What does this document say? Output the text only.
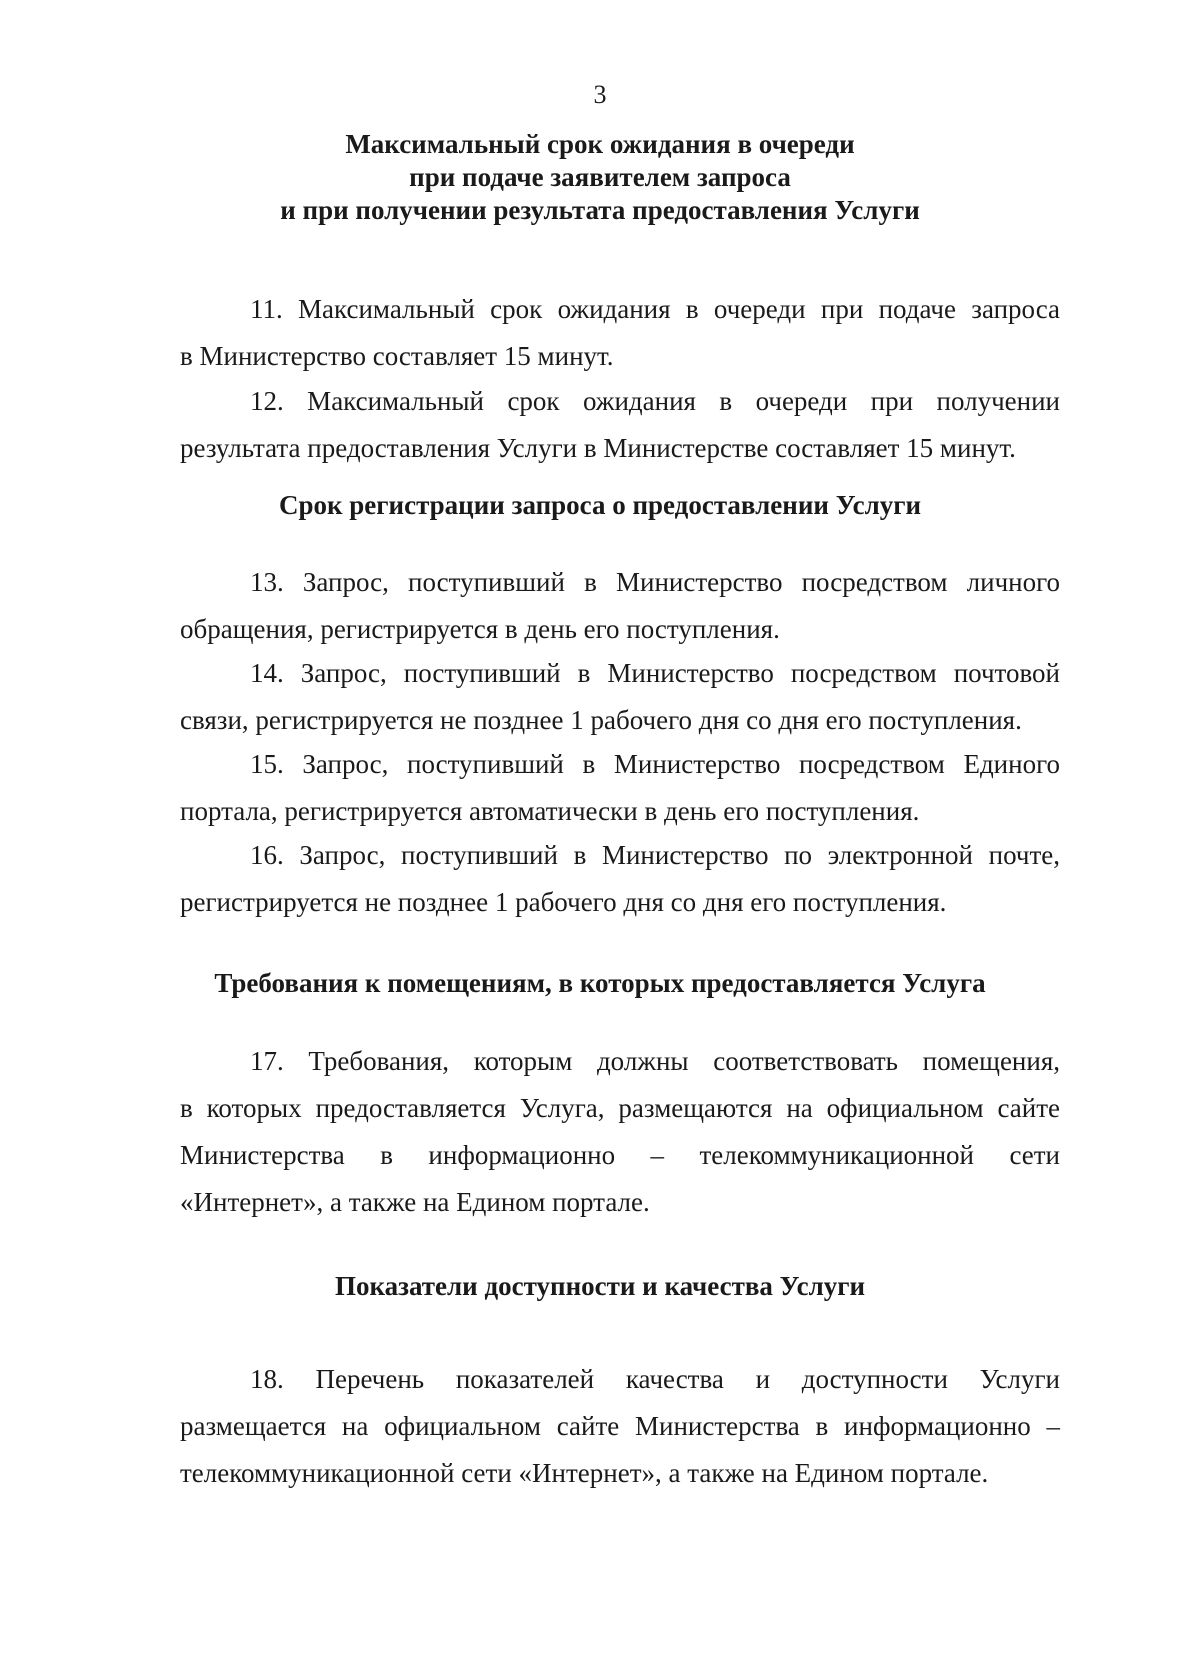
3
Максимальный срок ожидания в очереди
при подаче заявителем запроса
и при получении результата предоставления Услуги
11. Максимальный срок ожидания в очереди при подаче запроса
в Министерство составляет 15 минут.
12. Максимальный срок ожидания в очереди при получении
результата предоставления Услуги в Министерстве составляет 15 минут.
Срок регистрации запроса о предоставлении Услуги
13. Запрос, поступивший в Министерство посредством личного
обращения, регистрируется в день его поступления.
14. Запрос, поступивший в Министерство посредством почтовой
связи, регистрируется не позднее 1 рабочего дня со дня его поступления.
15. Запрос, поступивший в Министерство посредством Единого
портала, регистрируется автоматически в день его поступления.
16. Запрос, поступивший в Министерство по электронной почте,
регистрируется не позднее 1 рабочего дня со дня его поступления.
Требования к помещениям, в которых предоставляется Услуга
17. Требования, которым должны соответствовать помещения,
в которых предоставляется Услуга, размещаются на официальном сайте
Министерства в информационно – телекоммуникационной сети
«Интернет», а также на Едином портале.
Показатели доступности и качества Услуги
18. Перечень показателей качества и доступности Услуги
размещается на официальном сайте Министерства в информационно –
телекоммуникационной сети «Интернет», а также на Едином портале.
